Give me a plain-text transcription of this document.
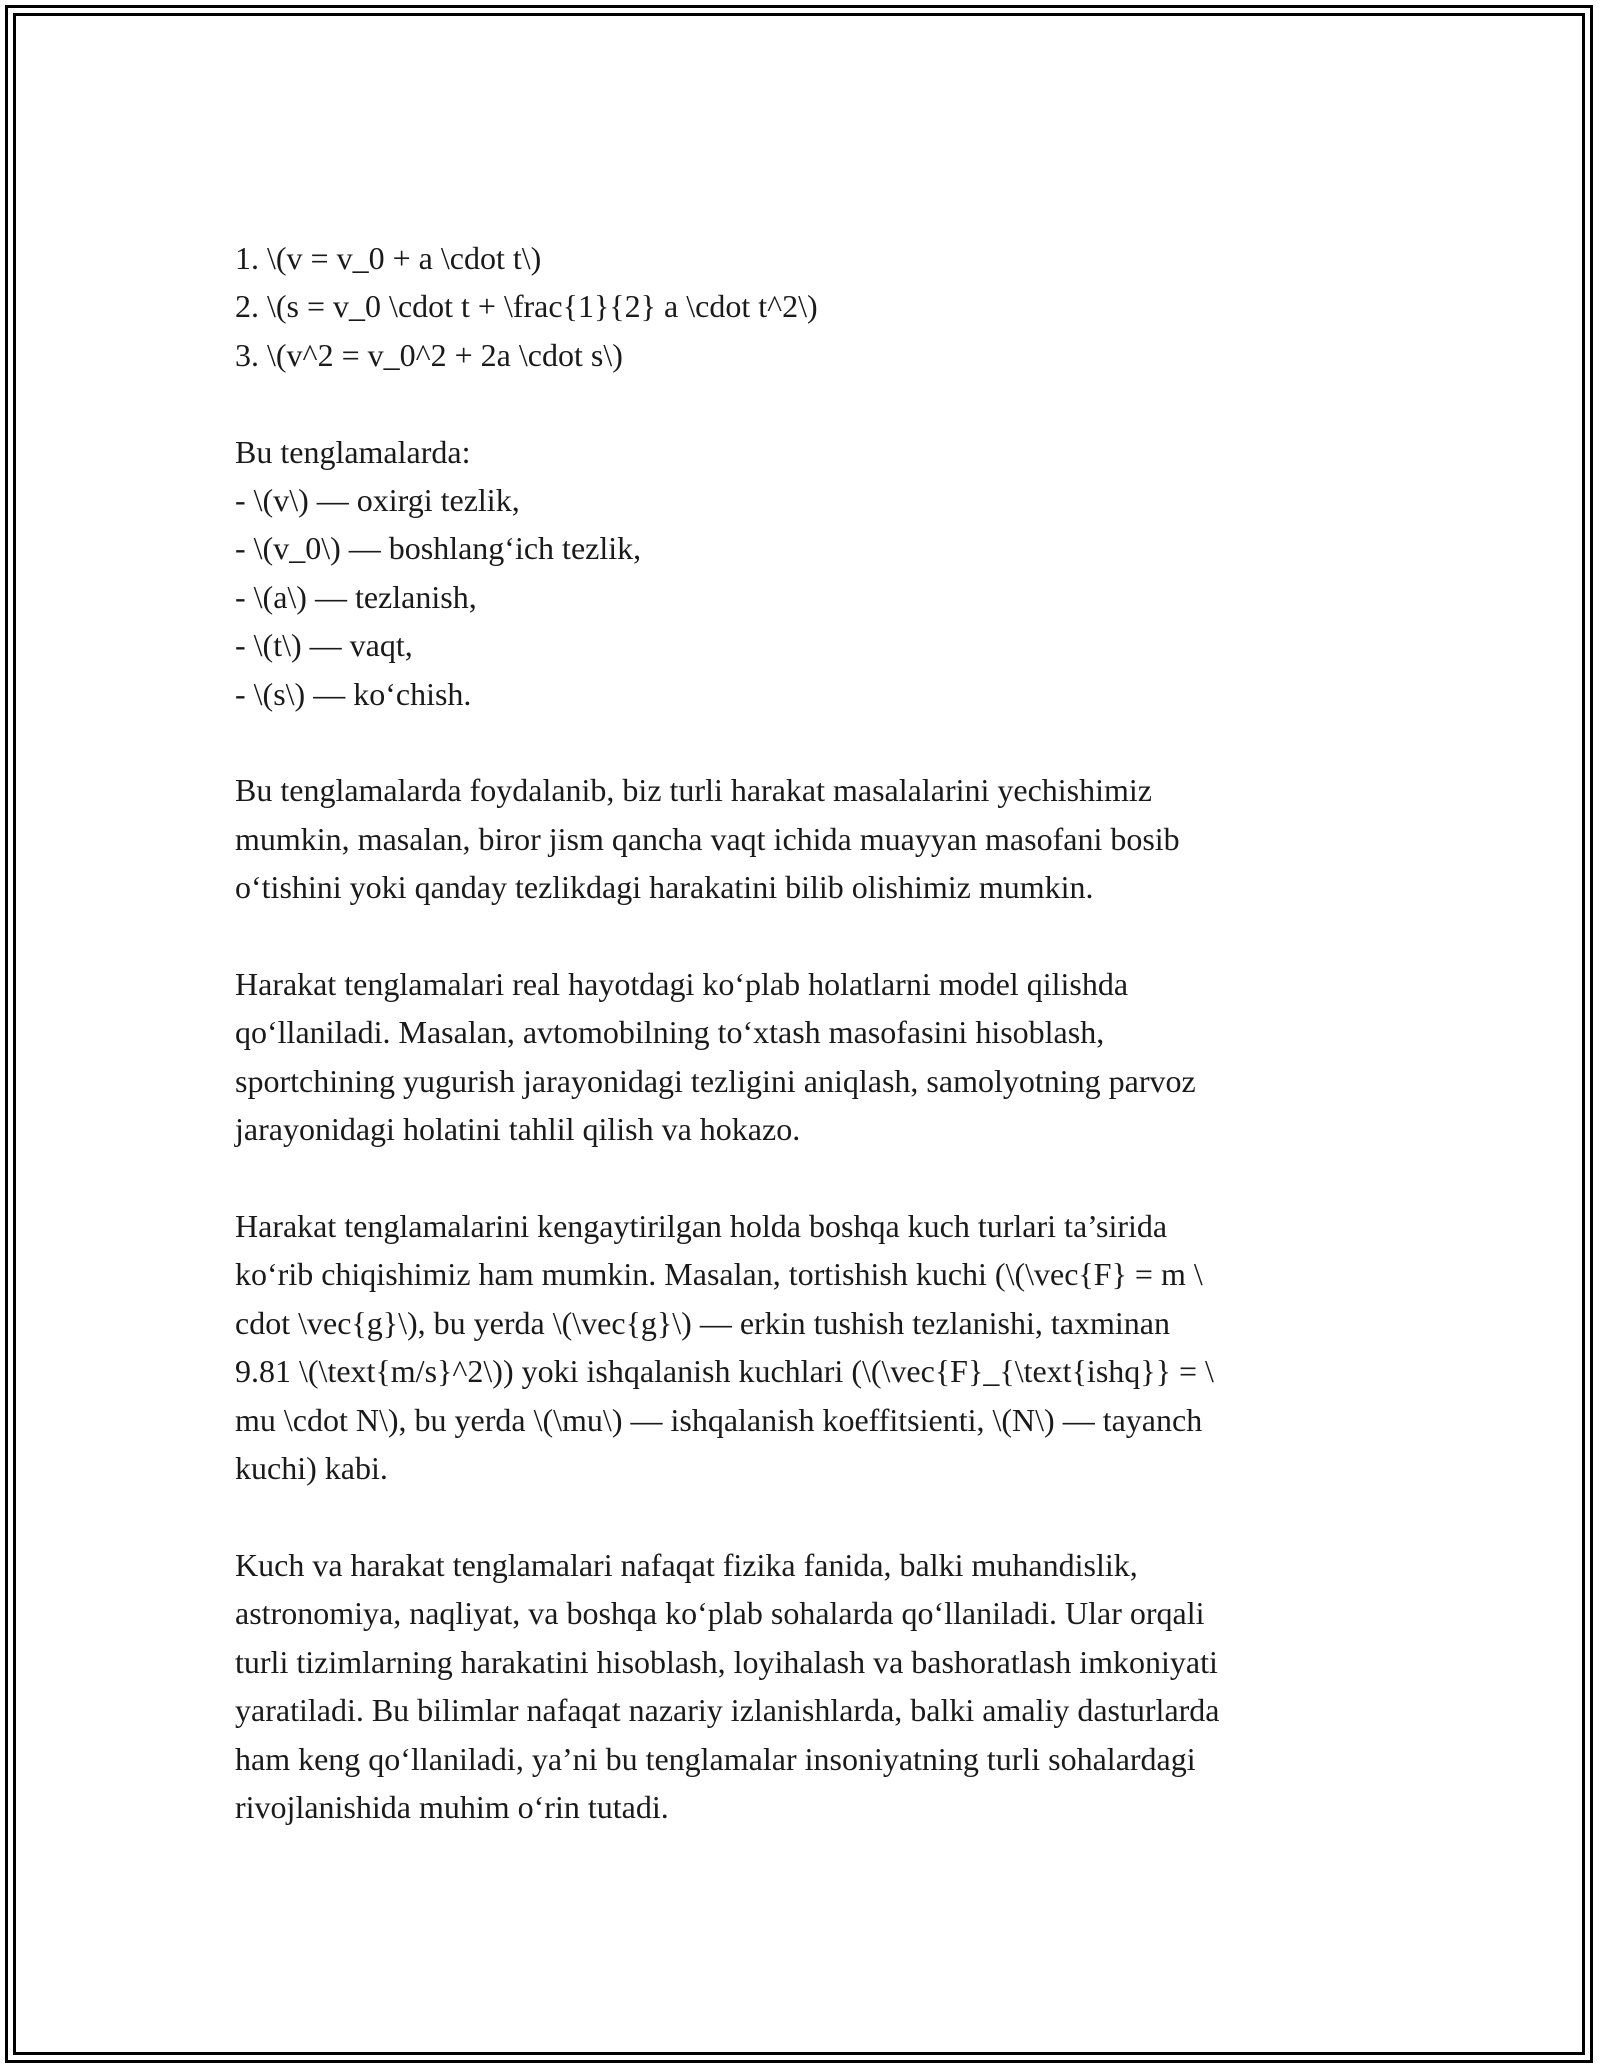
1. \(v = v_0 + a \cdot t\)
2. \(s = v_0 \cdot t + \frac{1}{2} a \cdot t^2\)
3. \(v^2 = v_0^2 + 2a \cdot s\)
Bu tenglamalarda:
- \(v\) — oxirgi tezlik,
- \(v_0\) — boshlang‘ich tezlik,
- \(a\) — tezlanish,
- \(t\) — vaqt,
- \(s\) — ko‘chish.

Bu tenglamalarda foydalanib, biz turli harakat masalalarini yechishimiz
mumkin, masalan, biror jism qancha vaqt ichida muayyan masofani bosib
o‘tishini yoki qanday tezlikdagi harakatini bilib olishimiz mumkin.

Harakat tenglamalari real hayotdagi ko‘plab holatlarni model qilishda
qo‘llaniladi. Masalan, avtomobilning to‘xtash masofasini hisoblash,
sportchining yugurish jarayonidagi tezligini aniqlash, samolyotning parvoz
jarayonidagi holatini tahlil qilish va hokazo.

Harakat tenglamalarini kengaytirilgan holda boshqa kuch turlari ta’sirida
ko‘rib chiqishimiz ham mumkin. Masalan, tortishish kuchi (\(\vec{F} = m \
cdot \vec{g}\), bu yerda \(\vec{g}\) — erkin tushish tezlanishi, taxminan
9.81 \(\text{m/s}^2\)) yoki ishqalanish kuchlari (\(\vec{F}_{\text{ishq}} = \
mu \cdot N\), bu yerda \(\mu\) — ishqalanish koeffitsienti, \(N\) — tayanch
kuchi) kabi.

Kuch va harakat tenglamalari nafaqat fizika fanida, balki muhandislik,
astronomiya, naqliyat, va boshqa ko‘plab sohalarda qo‘llaniladi. Ular orqali
turli tizimlarning harakatini hisoblash, loyihalash va bashoratlash imkoniyati
yaratiladi. Bu bilimlar nafaqat nazariy izlanishlarda, balki amaliy dasturlarda
ham keng qo‘llaniladi, ya’ni bu tenglamalar insoniyatning turli sohalardagi
rivojlanishida muhim o‘rin tutadi.
